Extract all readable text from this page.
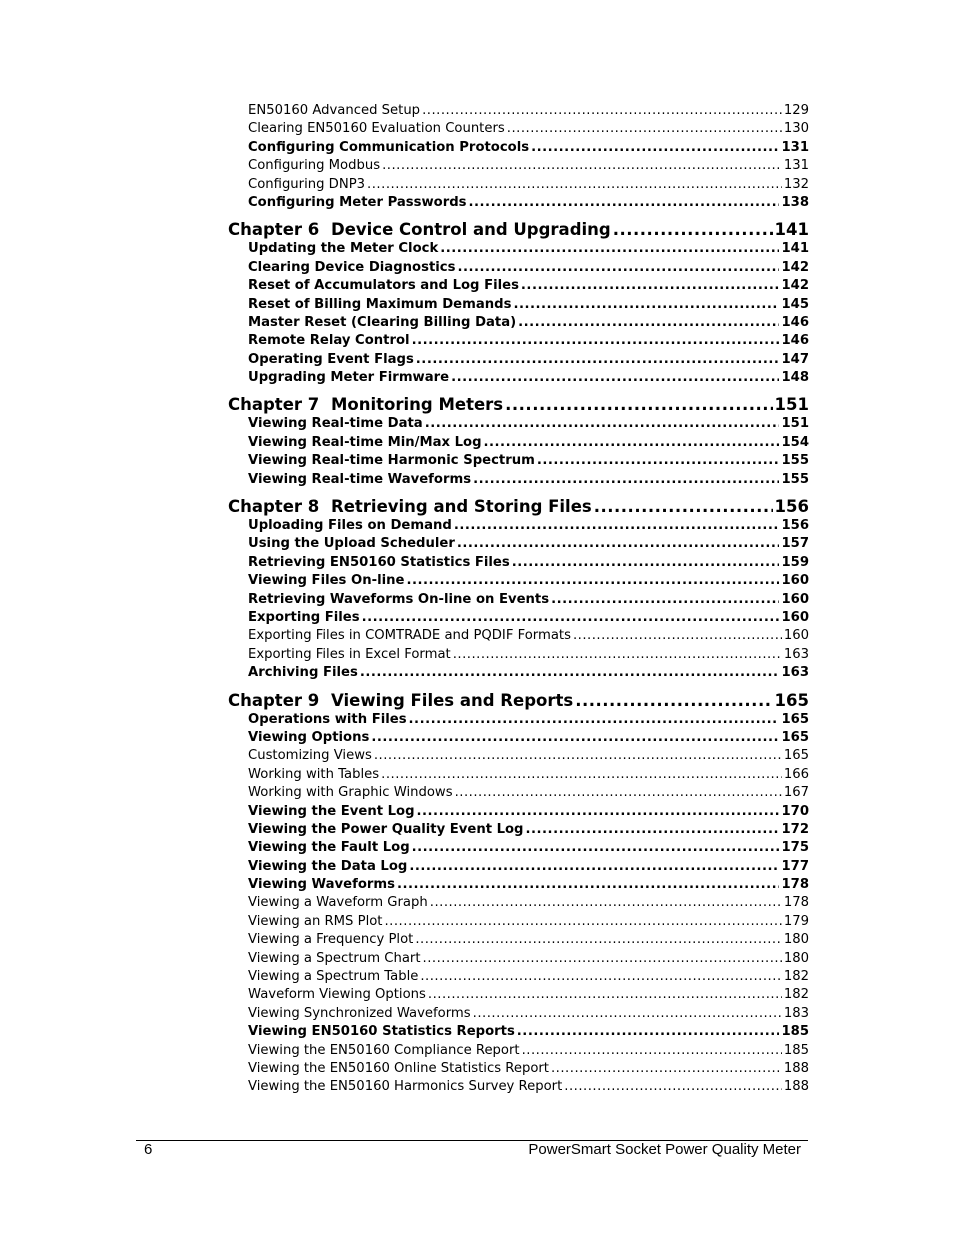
EN50160 Advanced Setup .....	129
Clearing EN50160 Evaluation Counters .....	130
Configuring Communication Protocols .....	131
Configuring Modbus .....	131
Configuring DNP3 .....	132
Configuring Meter Passwords .....	138
Chapter 6 Device Control and Upgrading .....	141
Updating the Meter Clock .....	141
Clearing Device Diagnostics .....	142
Reset of Accumulators and Log Files .....	142
Reset of Billing Maximum Demands .....	145
Master Reset (Clearing Billing Data) .....	146
Remote Relay Control .....	146
Operating Event Flags .....	147
Upgrading Meter Firmware .....	148
Chapter 7 Monitoring Meters .....	151
Viewing Real-time Data .....	151
Viewing Real-time Min/Max Log .....	154
Viewing Real-time Harmonic Spectrum .....	155
Viewing Real-time Waveforms .....	155
Chapter 8 Retrieving and Storing Files .....	156
Uploading Files on Demand .....	156
Using the Upload Scheduler .....	157
Retrieving EN50160 Statistics Files .....	159
Viewing Files On-line .....	160
Retrieving Waveforms On-line on Events .....	160
Exporting Files .....	160
Exporting Files in COMTRADE and PQDIF Formats .....	160
Exporting Files in Excel Format .....	163
Archiving Files .....	163
Chapter 9 Viewing Files and Reports .....	165
Operations with Files .....	165
Viewing Options .....	165
Customizing Views .....	165
Working with Tables .....	166
Working with Graphic Windows .....	167
Viewing the Event Log .....	170
Viewing the Power Quality Event Log .....	172
Viewing the Fault Log .....	175
Viewing the Data Log .....	177
Viewing Waveforms .....	178
Viewing a Waveform Graph .....	178
Viewing an RMS Plot .....	179
Viewing a Frequency Plot .....	180
Viewing a Spectrum Chart .....	180
Viewing a Spectrum Table .....	182
Waveform Viewing Options .....	182
Viewing Synchronized Waveforms .....	183
Viewing EN50160 Statistics Reports .....	185
Viewing the EN50160 Compliance Report .....	185
Viewing the EN50160 Online Statistics Report .....	188
Viewing the EN50160 Harmonics Survey Report .....	188
6	PowerSmart Socket Power Quality Meter
